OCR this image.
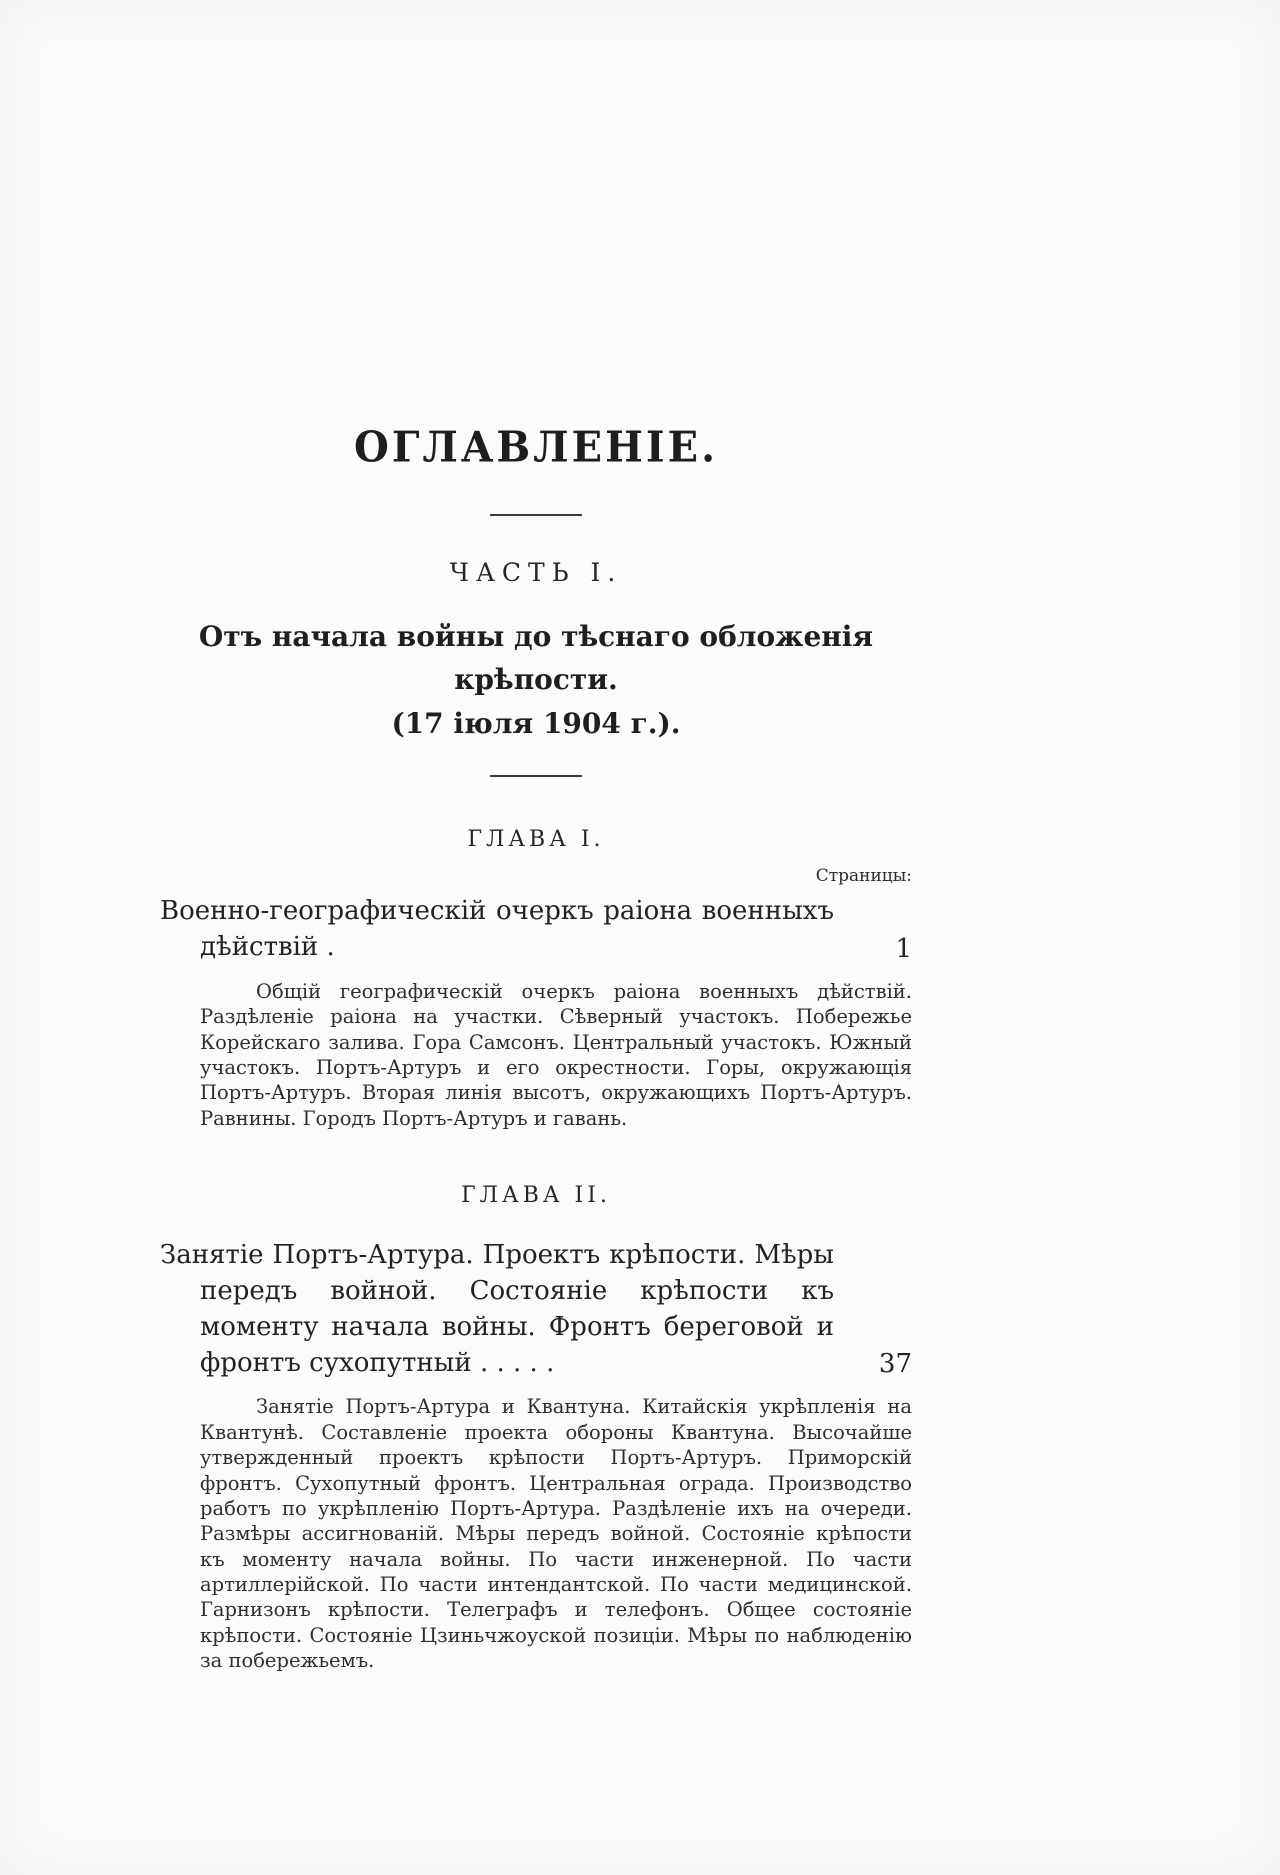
ОГЛАВЛЕНІЕ.
ЧАСТЬ I.
Отъ начала войны до тѣснаго обложенія крѣпости.
(17 іюля 1904 г.).
ГЛАВА I.
Страницы:
Военно-географическій очеркъ раіона военныхъ дѣйствій .	1
Общій географическій очеркъ раіона военныхъ дѣйствій. Раздѣленіе раіона на участки. Сѣверный участокъ. Побережье Корейскаго залива. Гора Самсонъ. Центральный участокъ. Южный участокъ. Портъ-Артуръ и его окрестности. Горы, окружающія Портъ-Артуръ. Вторая линія высотъ, окружающихъ Портъ-Артуръ. Равнины. Городъ Портъ-Артуръ и гавань.
ГЛАВА II.
Занятіе Портъ-Артура. Проектъ крѣпости. Мѣры передъ войной. Состояніе крѣпости къ моменту начала войны. Фронтъ береговой и фронтъ сухопутный . . . . .	37
Занятіе Портъ-Артура и Квантуна. Китайскія укрѣпленія на Квантунѣ. Составленіе проекта обороны Квантуна. Высочайше утвержденный проектъ крѣпости Портъ-Артуръ. Приморскій фронтъ. Сухопутный фронтъ. Центральная ограда. Производство работъ по укрѣпленію Портъ-Артура. Раздѣленіе ихъ на очереди. Размѣры ассигнованій. Мѣры передъ войной. Состояніе крѣпости къ моменту начала войны. По части инженерной. По части артиллерійской. По части интендантской. По части медицинской. Гарнизонъ крѣпости. Телеграфъ и телефонъ. Общее состояніе крѣпости. Состояніе Цзиньчжоуской позиціи. Мѣры по наблюденію за побережьемъ.
